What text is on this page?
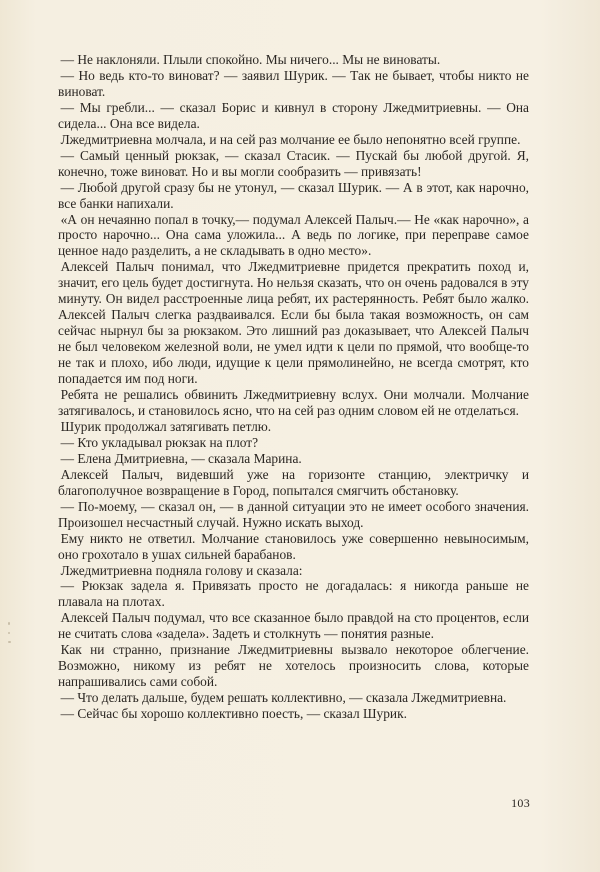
— Не наклоняли. Плыли спокойно. Мы ничего... Мы не виноваты.

— Но ведь кто-то виноват? — заявил Шурик. — Так не бывает, чтобы никто не виноват.

— Мы гребли... — сказал Борис и кивнул в сторону Лжедмитриевны. — Она сидела... Она все видела.

Лжедмитриевна молчала, и на сей раз молчание ее было непонятно всей группе.

— Самый ценный рюкзак, — сказал Стасик. — Пускай бы любой другой. Я, конечно, тоже виноват. Но и вы могли сообразить — привязать!

— Любой другой сразу бы не утонул, — сказал Шурик. — А в этот, как нарочно, все банки напихали.

«А он нечаянно попал в точку,— подумал Алексей Палыч.— Не «как нарочно», а просто нарочно... Она сама уложила... А ведь по логике, при переправе самое ценное надо разделить, а не складывать в одно место».

Алексей Палыч понимал, что Лжедмитриевне придется прекратить поход и, значит, его цель будет достигнута. Но нельзя сказать, что он очень радовался в эту минуту. Он видел расстроенные лица ребят, их растерянность. Ребят было жалко. Алексей Палыч слегка раздваивался. Если бы была такая возможность, он сам сейчас нырнул бы за рюкзаком. Это лишний раз доказывает, что Алексей Палыч не был человеком железной воли, не умел идти к цели по прямой, что вообще-то не так и плохо, ибо люди, идущие к цели прямолинейно, не всегда смотрят, кто попадается им под ноги.

Ребята не решались обвинить Лжедмитриевну вслух. Они молчали. Молчание затягивалось, и становилось ясно, что на сей раз одним словом ей не отделаться.

Шурик продолжал затягивать петлю.

— Кто укладывал рюкзак на плот?

— Елена Дмитриевна, — сказала Марина.

Алексей Палыч, видевший уже на горизонте станцию, электричку и благополучное возвращение в Город, попытался смягчить обстановку.

— По-моему, — сказал он, — в данной ситуации это не имеет особого значения. Произошел несчастный случай. Нужно искать выход.

Ему никто не ответил. Молчание становилось уже совершенно невыносимым, оно грохотало в ушах сильней барабанов.

Лжедмитриевна подняла голову и сказала:

— Рюкзак задела я. Привязать просто не догадалась: я никогда раньше не плавала на плотах.

Алексей Палыч подумал, что все сказанное было правдой на сто процентов, если не считать слова «задела». Задеть и столкнуть — понятия разные.

Как ни странно, признание Лжедмитриевны вызвало некоторое облегчение. Возможно, никому из ребят не хотелось произносить слова, которые напрашивались сами собой.

— Что делать дальше, будем решать коллективно, — сказала Лжедмитриевна.

— Сейчас бы хорошо коллективно поесть, — сказал Шурик.

103
